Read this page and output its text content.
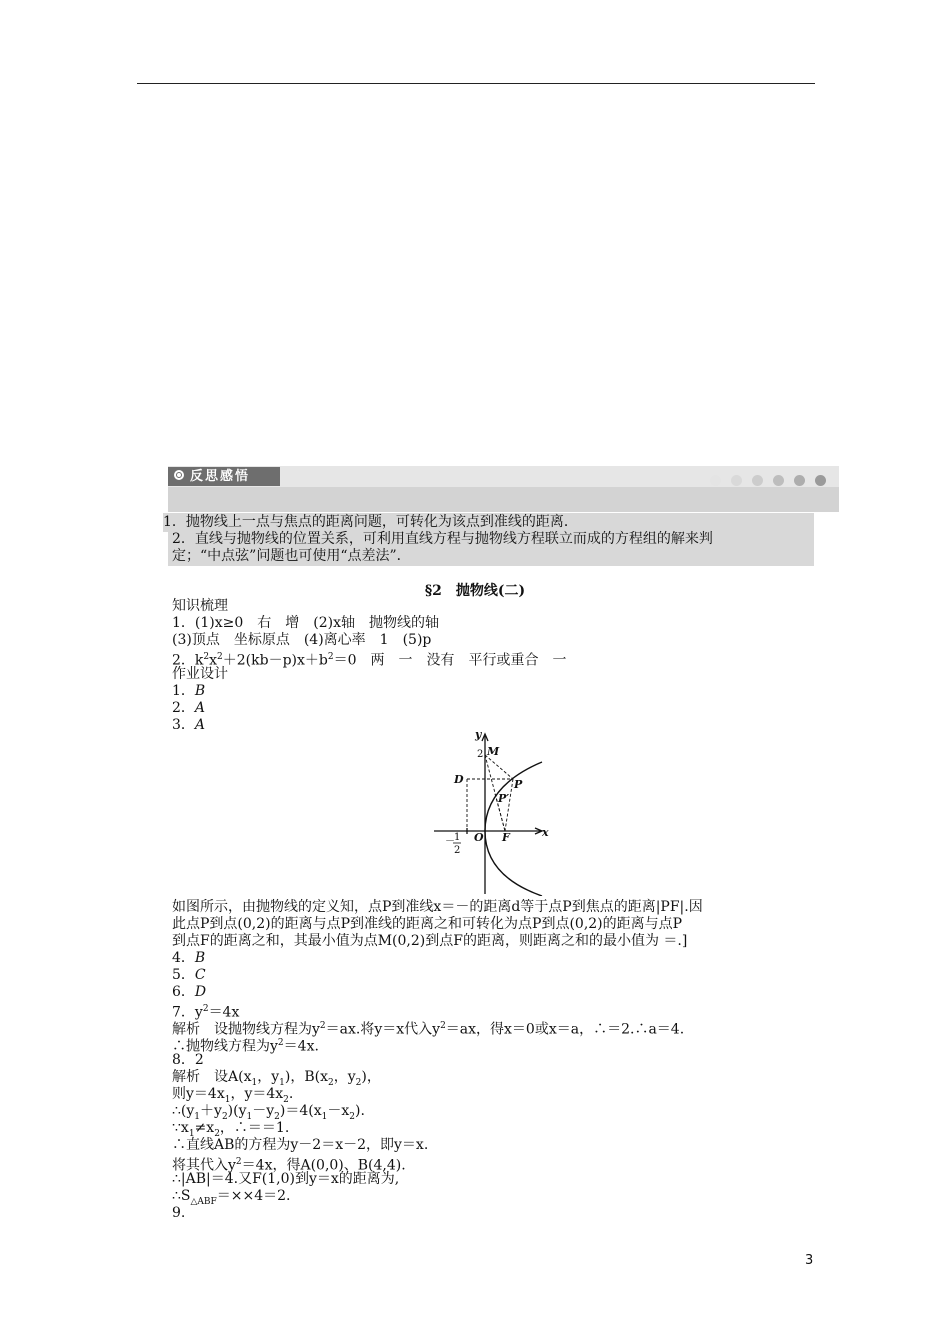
反思感悟
1．抛物线上一点与焦点的距离问题，可转化为该点到准线的距离．
2．直线与抛物线的位置关系，可利用直线方程与抛物线方程联立而成的方程组的解来判
定；“中点弦”问题也可使用“点差法”．
§2　抛物线(二)
知识梳理
1．(1)x≥0　右　增　(2)x轴　抛物线的轴
(3)顶点　坐标原点　(4)离心率　1　(5)p
2．$k^2x^2+2(kb-p)x+b^2=0$　两　一　没有　平行或重合　一
作业设计
1．B
2．A
3．A
y
x
M
D	P
P′
O F
2
－ 1
2
如图所示，由抛物线的定义知，点P到准线x＝－的距离d等于点P到焦点的距离|PF|.因
此点P到点(0,2)的距离与点P到准线的距离之和可转化为点P到点(0,2)的距离与点P
到点F的距离之和，其最小值为点M(0,2)到点F的距离，则距离之和的最小值为 ＝.]
4．B
5．C
6．D
7．$y^2=4x$
解析　设抛物线方程为$y^2=ax$.将y＝x代入$y^2=ax$，得x＝0或x＝a，∴＝2.∴a＝4.
∴抛物线方程为$y^2=4x$.
8．2
解析　设$A(x_1$，$y_1$)，$B(x_2$，$y_2$)，
则$y=4x_1$，$y=4x_2$.
$\therefore(y_1+y_2)(y_1-y_2)=4(x_1-x_2)$.
$\because x_1\ne x_2$，∴＝＝1.
∴直线AB的方程为y－2＝x－2，即y＝x.
将其代入$y^2=4x$，得A(0,0)、B(4,4).
∴|AB|＝4.又F(1,0)到y＝x的距离为,
$\therefore S_{\triangle ABF}=\times\times 4=2$.
9.
3
